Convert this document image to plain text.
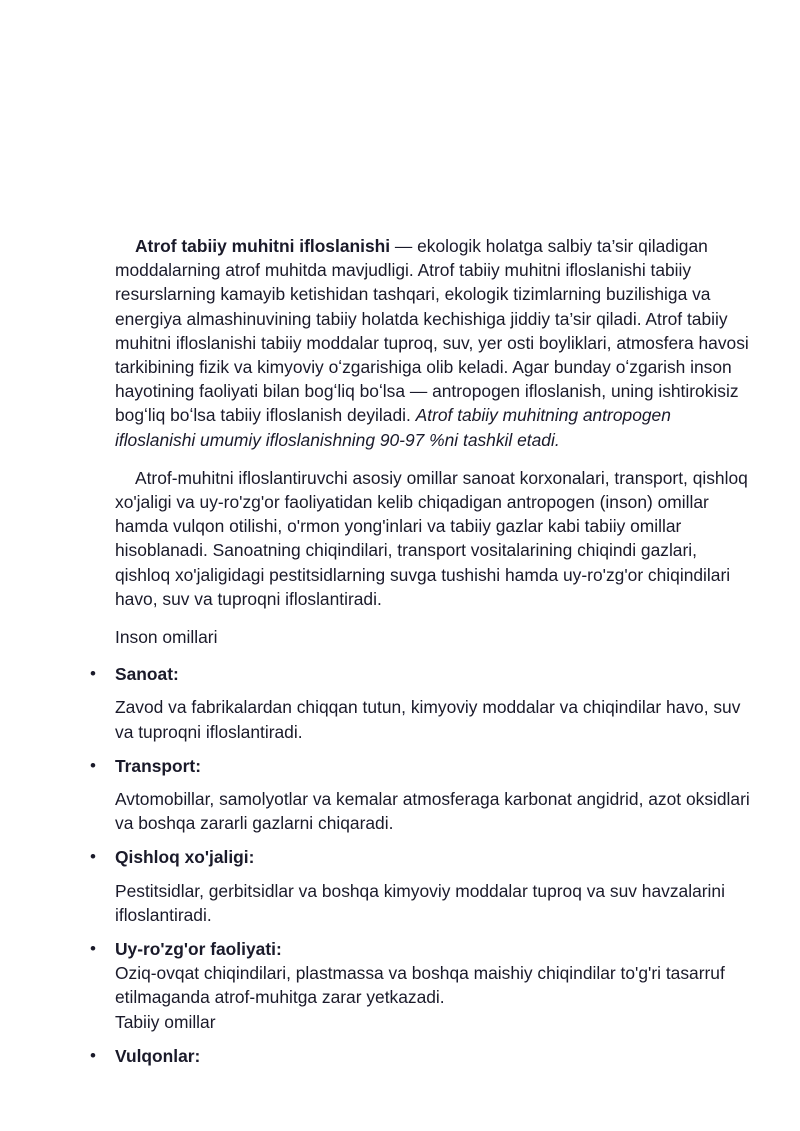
Atrof tabiiy muhitni ifloslanishi — ekologik holatga salbiy ta’sir qiladigan moddalarning atrof muhitda mavjudligi. Atrof tabiiy muhitni ifloslanishi tabiiy resurslarning kamayib ketishidan tashqari, ekologik tizimlarning buzilishiga va energiya almashinuvining tabiiy holatda kechishiga jiddiy ta’sir qiladi. Atrof tabiiy muhitni ifloslanishi tabiiy moddalar tuproq, suv, yer osti boyliklari, atmosfera havosi tarkibining fizik va kimyoviy oʻzgarishiga olib keladi. Agar bunday oʻzgarish inson hayotining faoliyati bilan bogʻliq boʻlsa — antropogen ifloslanish, uning ishtirokisiz bogʻliq boʻlsa tabiiy ifloslanish deyiladi. Atrof tabiiy muhitning antropogen ifloslanishi umumiy ifloslanishning 90-97 %ni tashkil etadi.

Atrof-muhitni ifloslantiruvchi asosiy omillar sanoat korxonalari, transport, qishloq xo'jaligi va uy-ro'zg'or faoliyatidan kelib chiqadigan antropogen (inson) omillar hamda vulqon otilishi, o'rmon yong'inlari va tabiiy gazlar kabi tabiiy omillar hisoblanadi. Sanoatning chiqindilari, transport vositalarining chiqindi gazlari, qishloq xo'jaligidagi pestitsidlarning suvga tushishi hamda uy-ro'zg'or chiqindilari havo, suv va tuproqni ifloslantiradi.

Inson omillari

• Sanoat:

Zavod va fabrikalardan chiqqan tutun, kimyoviy moddalar va chiqindilar havo, suv va tuproqni ifloslantiradi.

• Transport:

Avtomobillar, samolyotlar va kemalar atmosferaga karbonat angidrid, azot oksidlari va boshqa zararli gazlarni chiqaradi.

• Qishloq xo'jaligi:

Pestitsidlar, gerbitsidlar va boshqa kimyoviy moddalar tuproq va suv havzalarini ifloslantiradi.

• Uy-ro'zg'or faoliyati:

Oziq-ovqat chiqindilari, plastmassa va boshqa maishiy chiqindilar to'g'ri tasarruf etilmaganda atrof-muhitga zarar yetkazadi.

Tabiiy omillar

• Vulqonlar:
